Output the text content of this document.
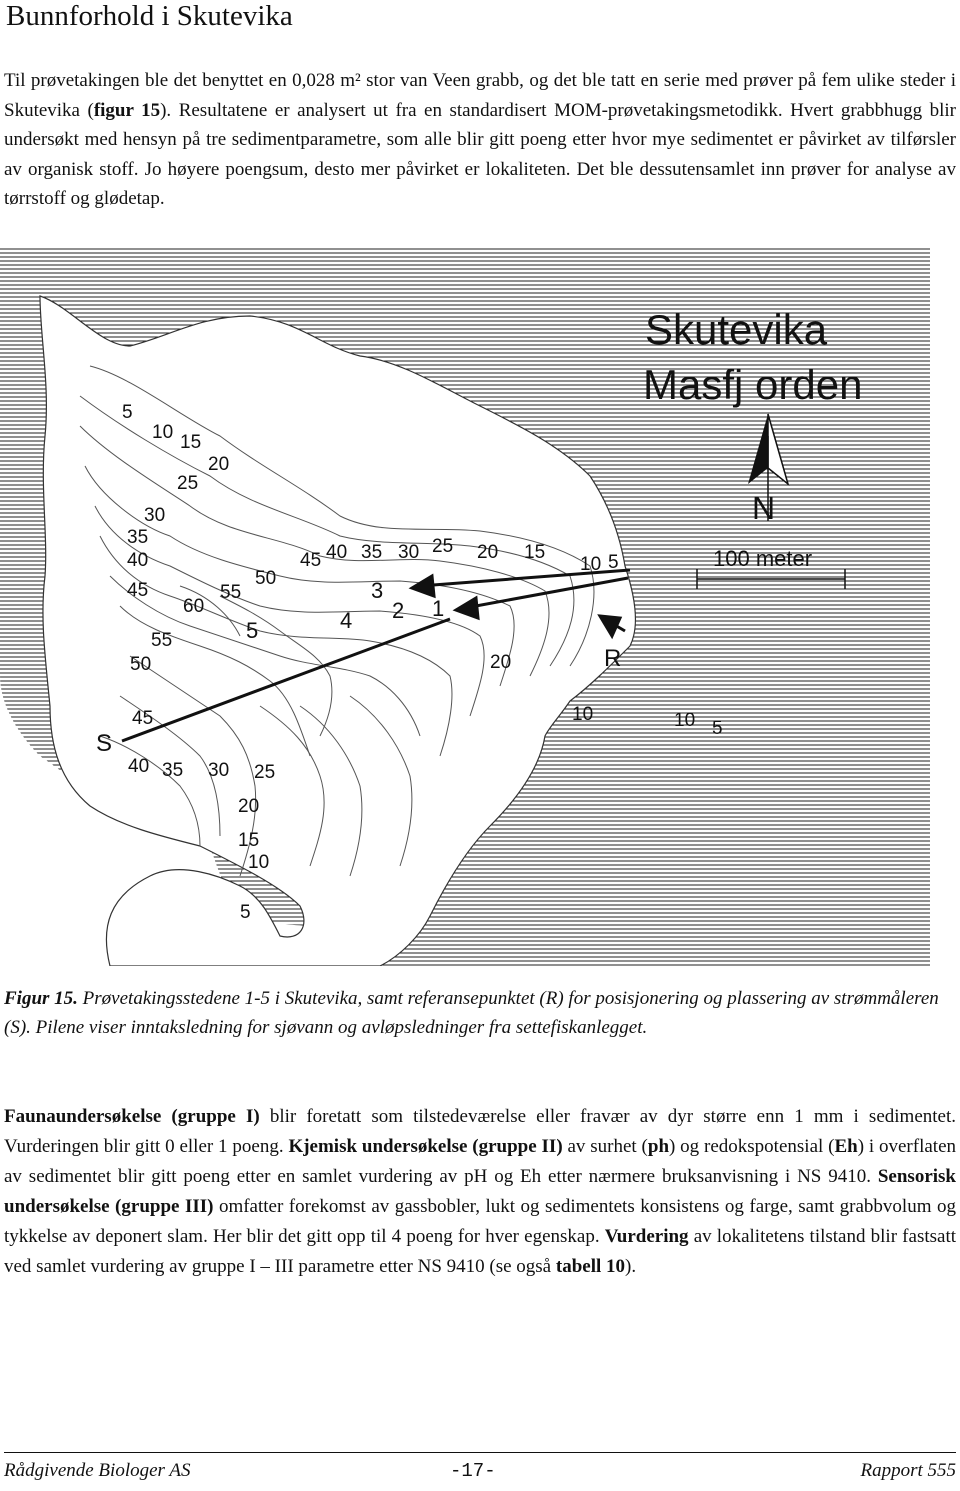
Bunnforhold i Skutevika

Til prøvetakingen ble det benyttet en 0,028 m² stor van Veen grabb, og det ble tatt en serie med prøver på fem ulike steder i Skutevika (figur 15). Resultatene er analysert ut fra en standardisert MOM-prøvetakingsmetodikk. Hvert grabbhugg blir undersøkt med hensyn på tre sedimentparametre, som alle blir gitt poeng etter hvor mye sedimentet er påvirket av tilførsler av organisk stoff. Jo høyere poengsum, desto mer påvirket er lokaliteten. Det ble dessutensamlet inn prøver for analyse av tørrstoff og glødetap.

Skutevika
Masfj orden
N
100 meter
R
S
1
2
3
4
5
5
10 15
20
25
30
35
40
45
50
55
60
45 40 35 30 25 20 15
10 5
20
10	10 5
40 35 30 25
20
15
10
5
50
55
45

Figur 15. Prøvetakingsstedene 1-5 i Skutevika, samt referansepunktet (R) for posisjonering og plassering av strømmåleren (S). Pilene viser inntaksledning for sjøvann og avløpsledninger fra settefiskanlegget.

Faunaundersøkelse (gruppe I) blir foretatt som tilstedeværelse eller fravær av dyr større enn 1 mm i sedimentet. Vurderingen blir gitt 0 eller 1 poeng. Kjemisk undersøkelse (gruppe II) av surhet (ph) og redokspotensial (Eh) i overflaten av sedimentet blir gitt poeng etter en samlet vurdering av pH og Eh etter nærmere bruksanvisning i NS 9410. Sensorisk undersøkelse (gruppe III) omfatter forekomst av gassbobler, lukt og sedimentets konsistens og farge, samt grabbvolum og tykkelse av deponert slam. Her blir det gitt opp til 4 poeng for hver egenskap. Vurdering av lokalitetens tilstand blir fastsatt ved samlet vurdering av gruppe I – III parametre etter NS 9410 (se også tabell 10).

Rådgivende Biologer AS	-17-	Rapport 555
